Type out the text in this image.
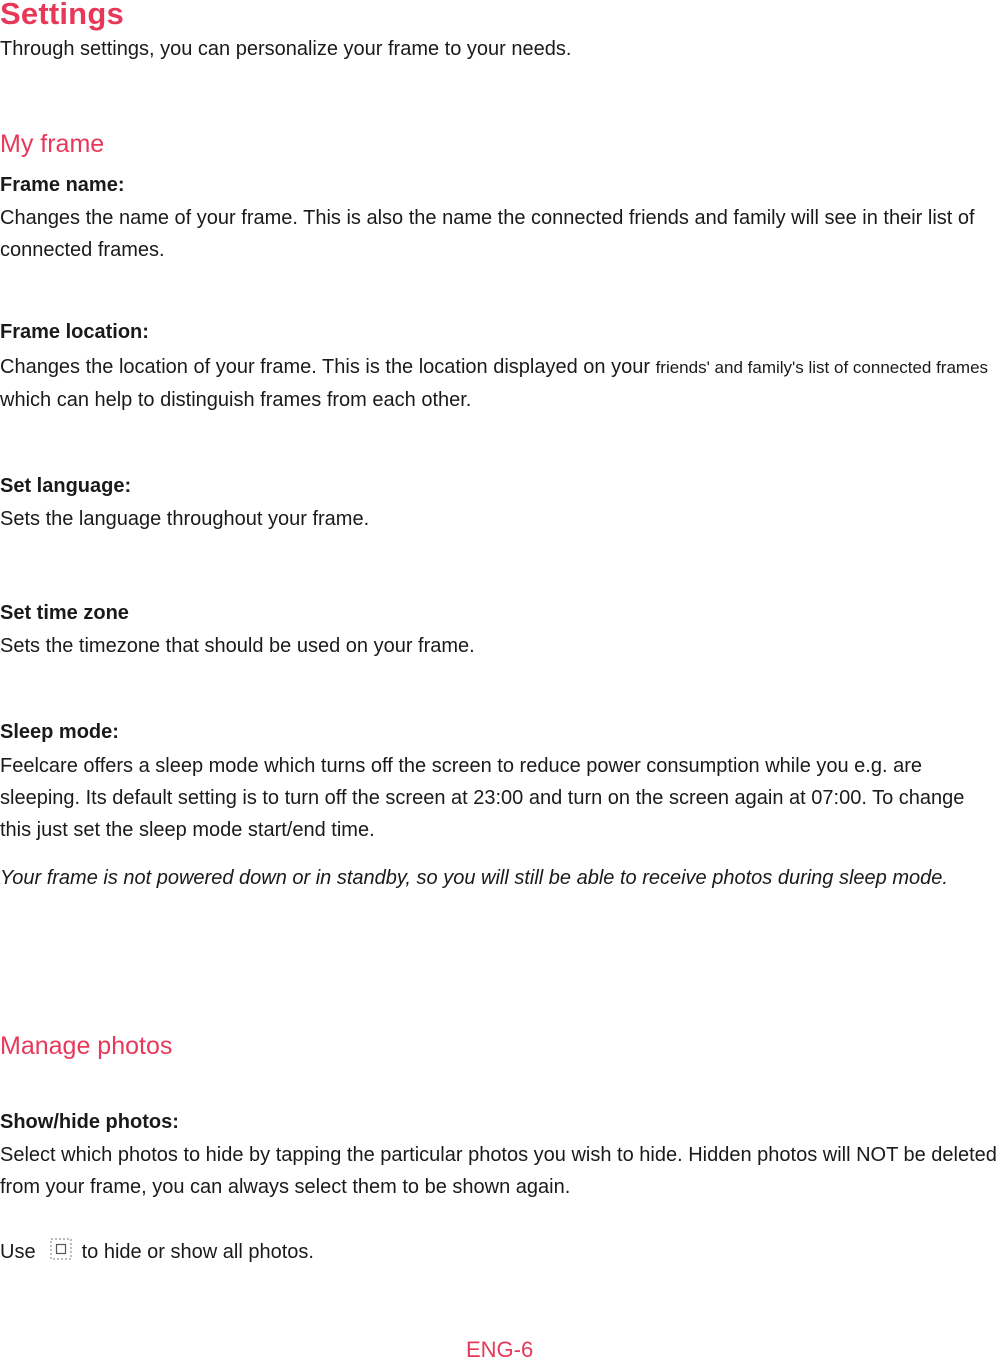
Settings

Through settings, you can personalize your frame to your needs.

My frame
Frame name:

Changes the name of your frame. This is also the name the connected friends and family will see in their list of connected frames.

Frame location:

Changes the location of your frame. This is the location displayed on your friends' and family's list of connected frames which can help to distinguish frames from each other.

Set language:

Sets the language throughout your frame.

Set time zone

Sets the timezone that should be used on your frame.

Sleep mode:

Feelcare offers a sleep mode which turns off the screen to reduce power consumption while you e.g. are sleeping. Its default setting is to turn off the screen at 23:00 and turn on the screen again at 07:00. To change this just set the sleep mode start/end time.

Your frame is not powered down or in standby, so you will still be able to receive photos during sleep mode.

Manage photos
Show/hide photos:

Select which photos to hide by tapping the particular photos you wish to hide. Hidden photos will NOT be deleted from your frame, you can always select them to be shown again.

Use to hide or show all photos.

ENG-6
